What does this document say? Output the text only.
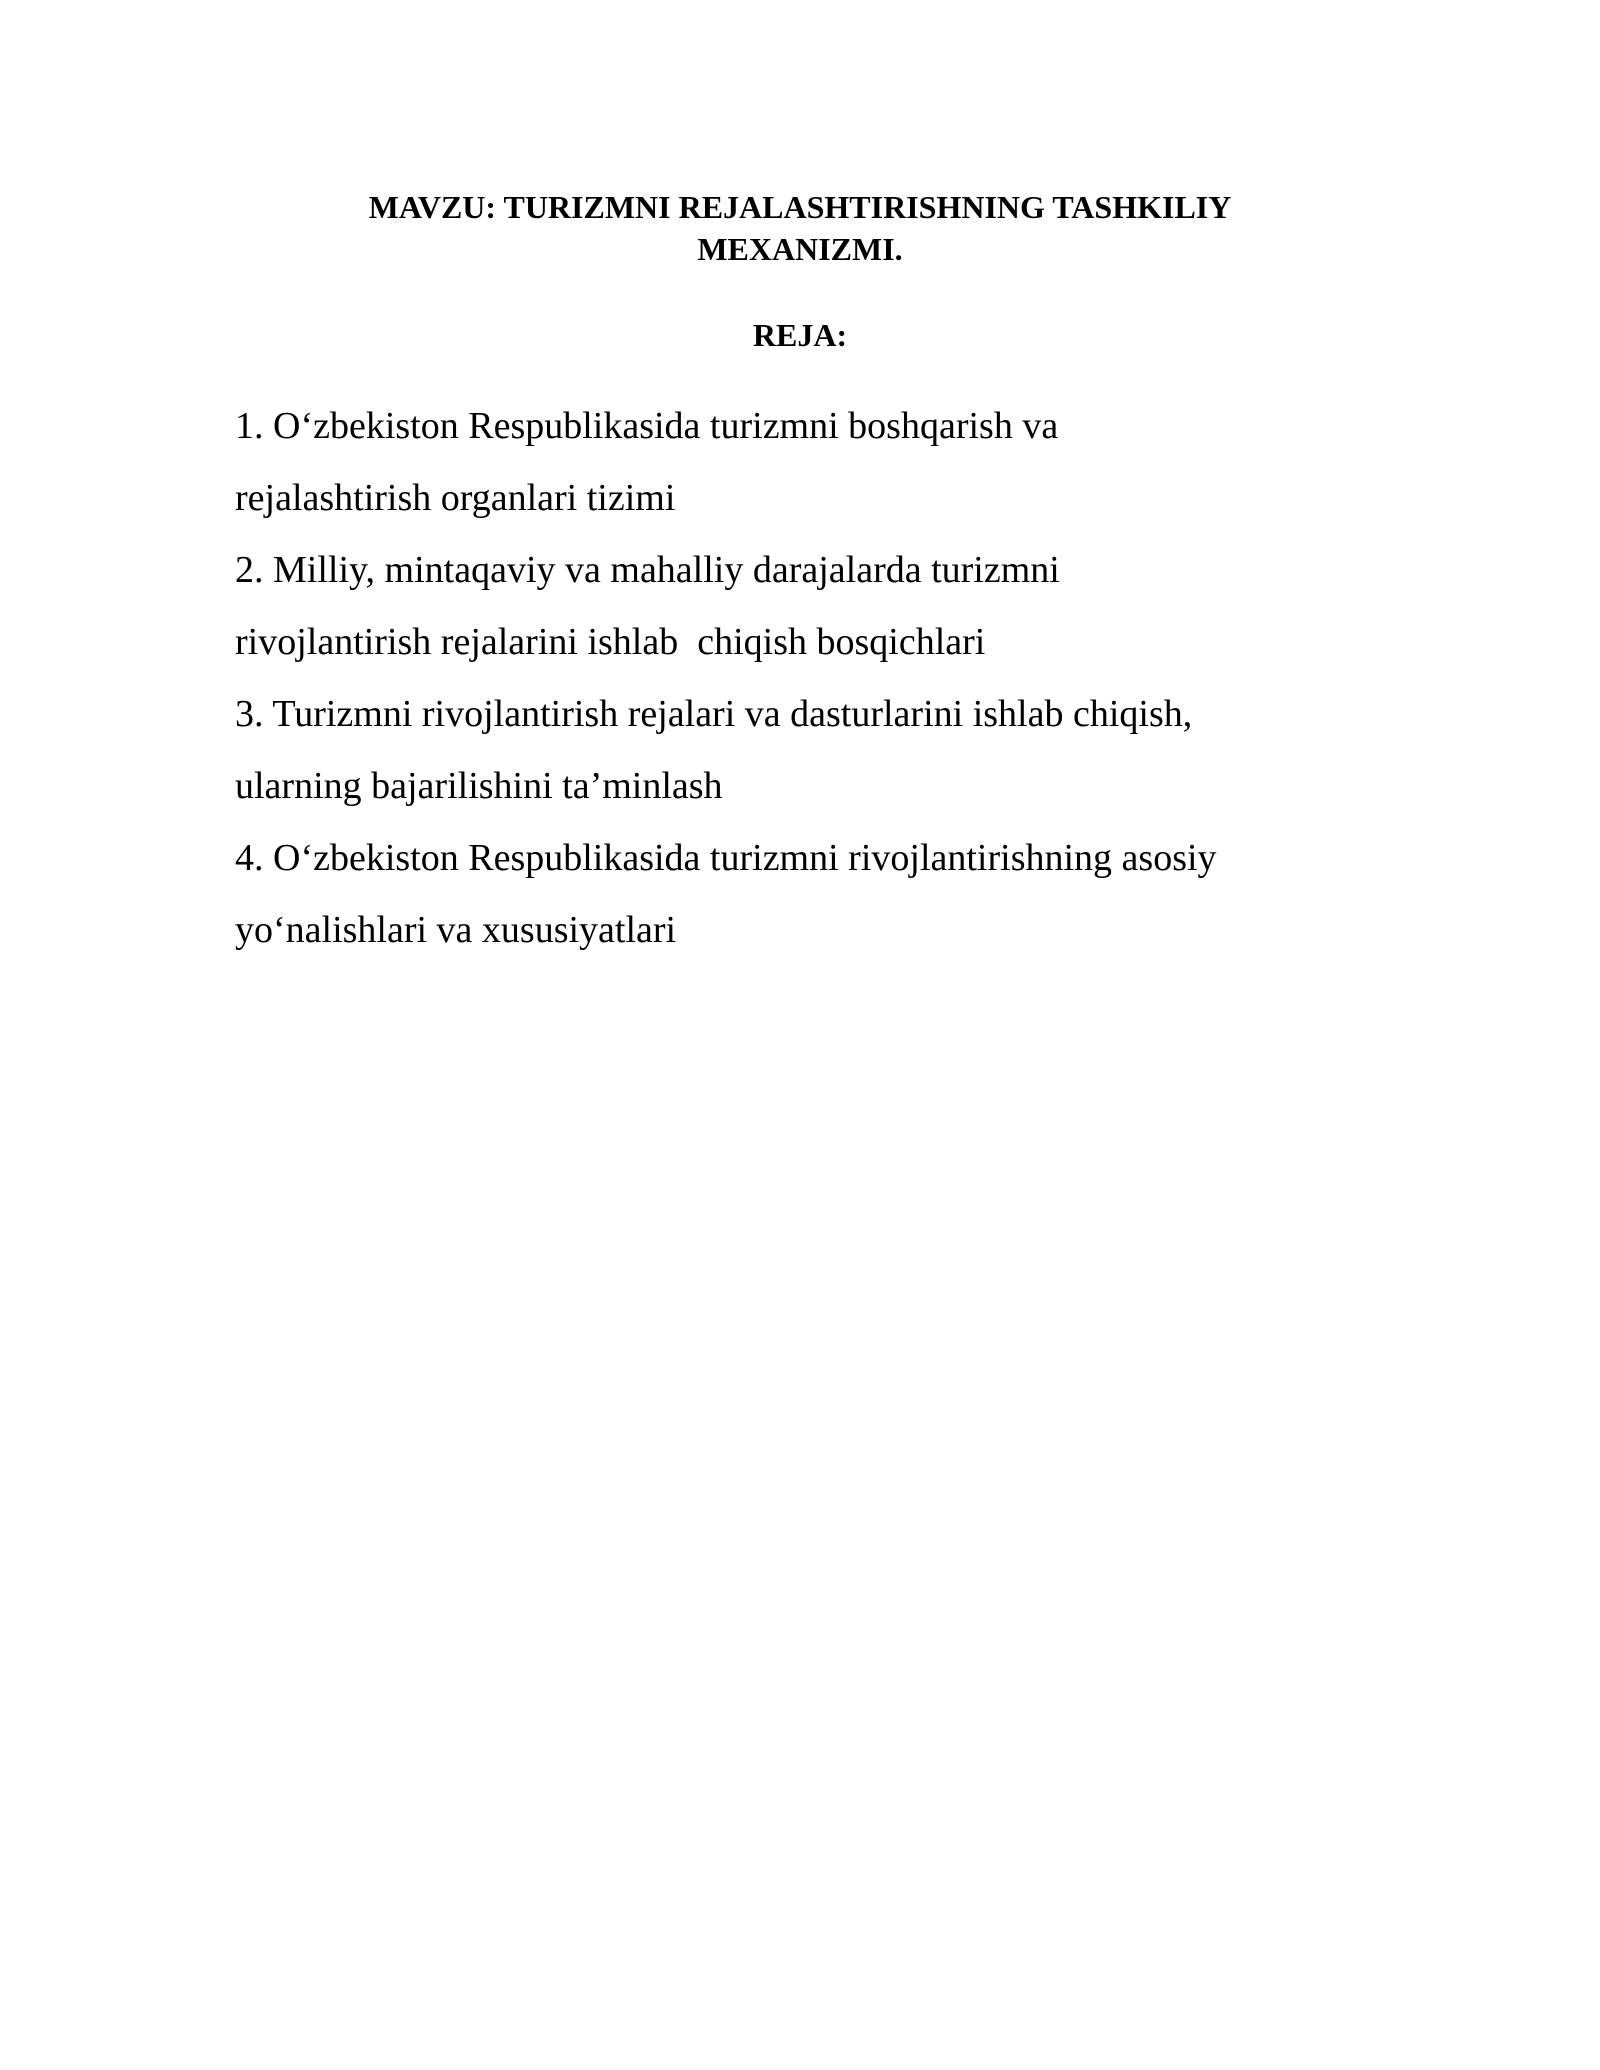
MAVZU: TURIZMNI REJALASHTIRISHNING TASHKILIY
MEXANIZMI.
REJA:
1. O‘zbekiston Respublikasida turizmni boshqarish va
rejalashtirish organlari tizimi
2. Milliy, mintaqaviy va mahalliy darajalarda turizmni
rivojlantirish rejalarini ishlab  chiqish bosqichlari
3. Turizmni rivojlantirish rejalari va dasturlarini ishlab chiqish,
ularning bajarilishini ta’minlash
4. O‘zbekiston Respublikasida turizmni rivojlantirishning asosiy
yo‘nalishlari va xususiyatlari
